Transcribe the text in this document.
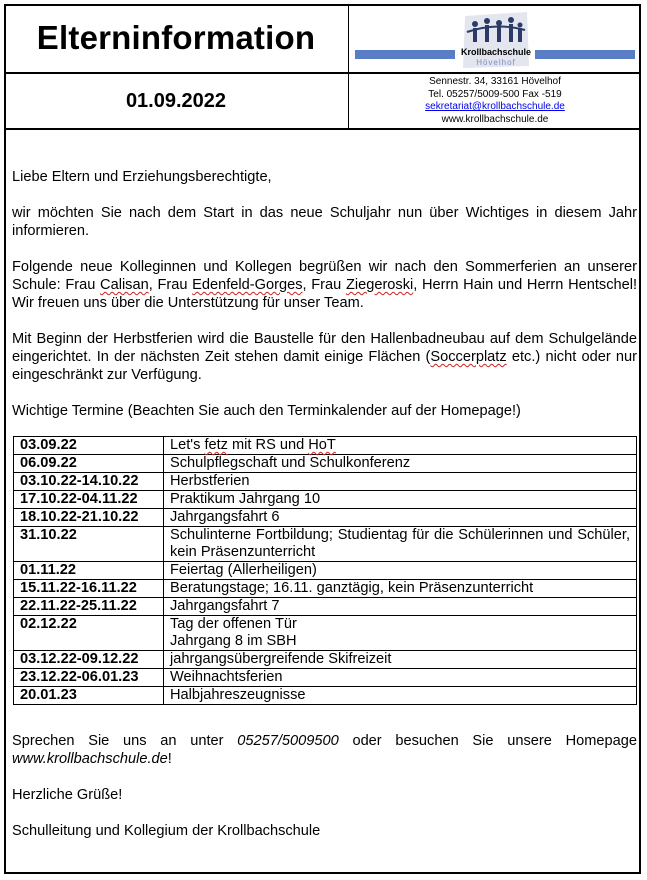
Elterninformation	Krollbachschule
Hövelhof
01.09.2022
Sennestr. 34, 33161 Hövelhof
Tel. 05257/5009-500 Fax -519
sekretariat@krollbachschule.de
www.krollbachschule.de

Liebe Eltern und Erziehungsberechtigte,

wir möchten Sie nach dem Start in das neue Schuljahr nun über Wichtiges in diesem Jahr informieren.

Folgende neue Kolleginnen und Kollegen begrüßen wir nach den Sommerferien an unserer Schule: Frau Calisan, Frau Edenfeld-Gorges, Frau Ziegeroski, Herrn Hain und Herrn Hentschel! Wir freuen uns über die Unterstützung für unser Team.

Mit Beginn der Herbstferien wird die Baustelle für den Hallenbadneubau auf dem Schulgelände eingerichtet. In der nächsten Zeit stehen damit einige Flächen (Soccerplatz etc.) nicht oder nur eingeschränkt zur Verfügung.

Wichtige Termine (Beachten Sie auch den Terminkalender auf der Homepage!)

03.09.22	Let's fetz mit RS und HoT
06.09.22	Schulpflegschaft und Schulkonferenz
03.10.22-14.10.22	Herbstferien
17.10.22-04.11.22	Praktikum Jahrgang 10
18.10.22-21.10.22	Jahrgangsfahrt 6
31.10.22	Schulinterne Fortbildung; Studientag für die Schülerinnen und Schüler, kein Präsenzunterricht
01.11.22	Feiertag (Allerheiligen)
15.11.22-16.11.22	Beratungstage; 16.11. ganztägig, kein Präsenzunterricht
22.11.22-25.11.22	Jahrgangsfahrt 7
02.12.22	Tag der offenen Tür
Jahrgang 8 im SBH
03.12.22-09.12.22	jahrgangsübergreifende Skifreizeit
23.12.22-06.01.23	Weihnachtsferien
20.01.23	Halbjahreszeugnisse

Sprechen Sie uns an unter 05257/5009500 oder besuchen Sie unsere Homepage www.krollbachschule.de!

Herzliche Grüße!

Schulleitung und Kollegium der Krollbachschule
